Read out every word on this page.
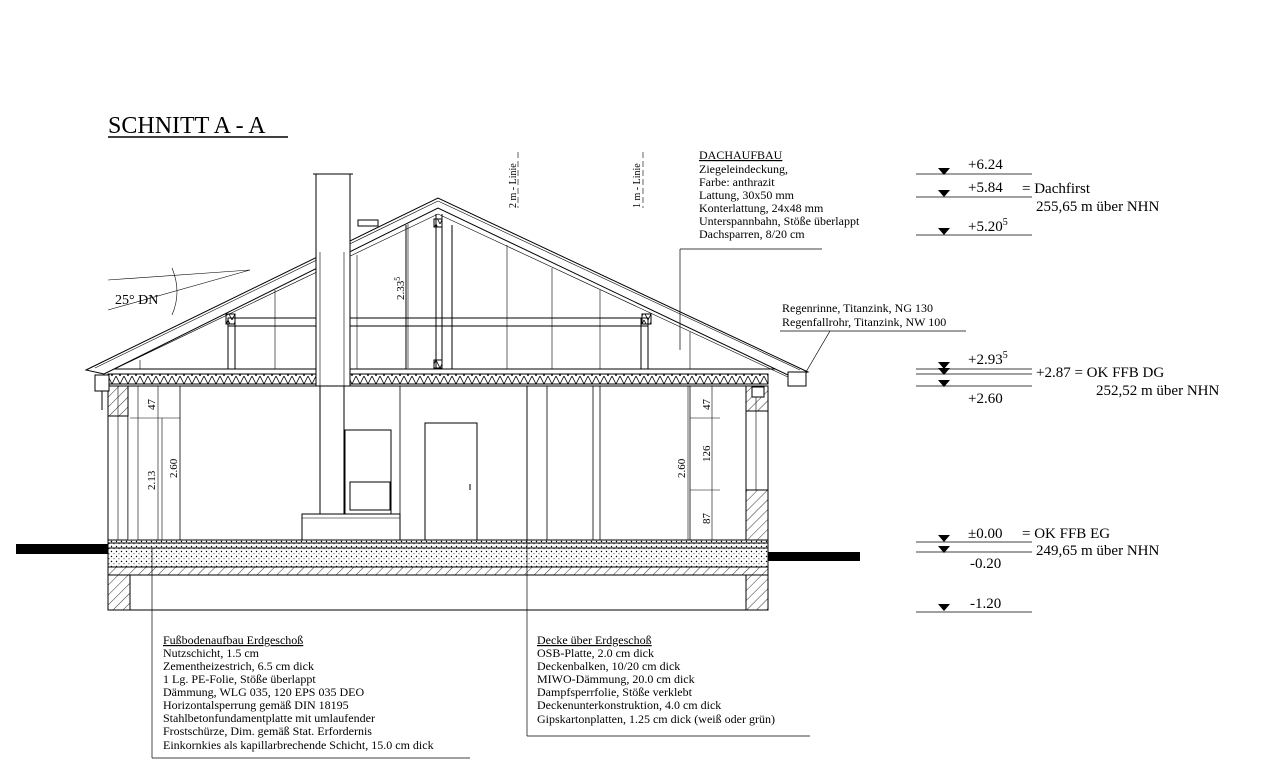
SCHNITT A - A
25° DN
2 m - Linie	1 m - Linie
2.33$^5$
47
2.13
2.60	2.60
47
126
87
DACHAUFBAU
Ziegeleindeckung,
Farbe: anthrazit
Lattung, 30x50 mm
Konterlattung, 24x48 mm
Unterspannbahn, Stöße überlappt
Dachsparren, 8/20 cm
Regenrinne, Titanzink, NG 130
Regenfallrohr, Titanzink, NW 100
+6.24
+5.84 = Dachfirst
255,65 m über NHN
$+5.20^5$
$+2.93^5$
+2.87 = OK FFB DG
252,52 m über NHN
+2.60
±0.00 = OK FFB EG
249,65 m über NHN
-0.20
-1.20
Fußbodenaufbau Erdgeschoß
Nutzschicht, 1.5 cm
Zementheizestrich, 6.5 cm dick
1 Lg. PE-Folie, Stöße überlappt
Dämmung, WLG 035, 120 EPS 035 DEO
Horizontalsperrung gemäß DIN 18195
Stahlbetonfundamentplatte mit umlaufender
Frostschürze, Dim. gemäß Stat. Erfordernis
Einkornkies als kapillarbrechende Schicht, 15.0 cm dick
Decke über Erdgeschoß
OSB-Platte, 2.0 cm dick
Deckenbalken, 10/20 cm dick
MIWO-Dämmung, 20.0 cm dick
Dampfsperrfolie, Stöße verklebt
Deckenunterkonstruktion, 4.0 cm dick
Gipskartonplatten, 1.25 cm dick (weiß oder grün)
